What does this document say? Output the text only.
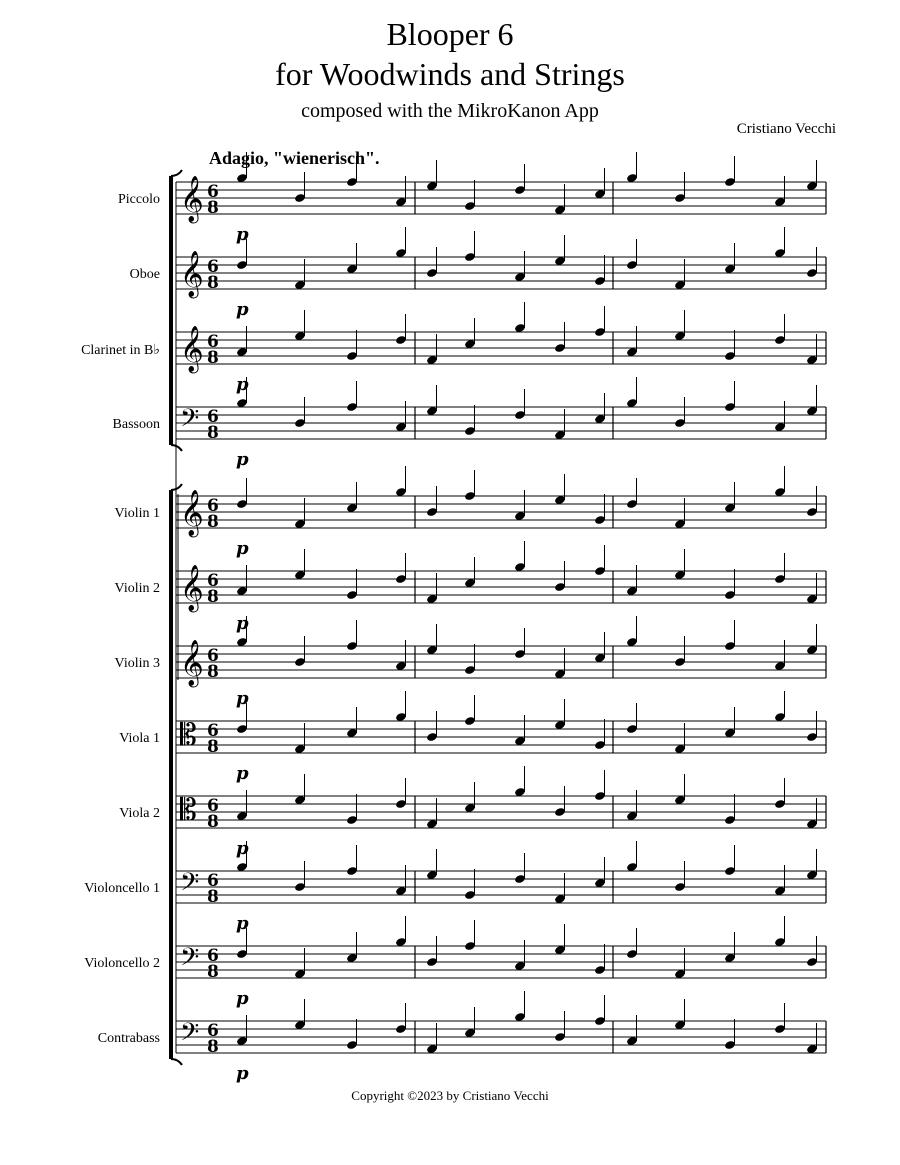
Blooper 6
for Woodwinds and Strings
composed with the MikroKanon App
Cristiano Vecchi
Adagio, "wienerisch".
Piccolo
Oboe
Clarinet in B♭
Bassoon
Violin 1
Violin 2
Violin 3
Viola 1
Viola 2
Violoncello 1
Violoncello 2
Contrabass
𝄞 6
8
p
𝄞 6
8
p
𝄞 6
8
p
𝄢 6
8
p
𝄞 6
8
p
𝄞 6
8
p
𝄞 6
8
p
𝄡 6
8
p
𝄡 6
8
p
𝄢 6
8
p
𝄢 6
8
p
𝄢 6
8
p
Copyright ©2023 by Cristiano Vecchi
